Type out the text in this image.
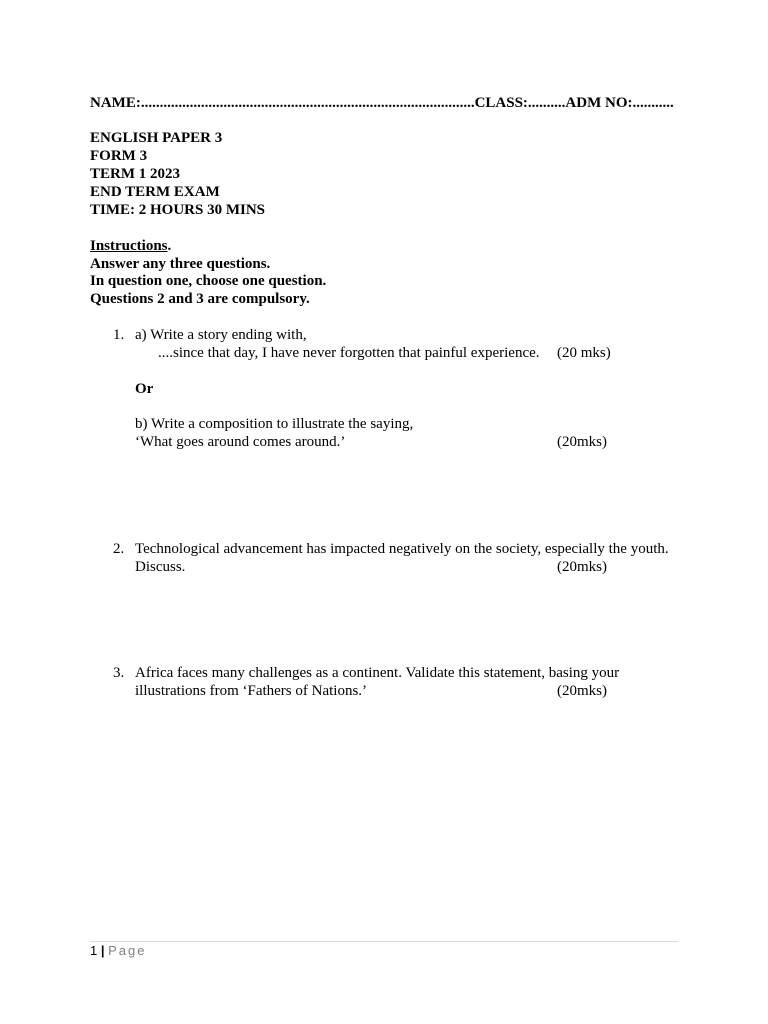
NAME:.........................................................................................CLASS:..........ADM NO:...........
ENGLISH PAPER 3
FORM 3
TERM 1 2023
END TERM EXAM
TIME: 2 HOURS 30 MINS
Instructions.
Answer any three questions.
In question one, choose one question.
Questions 2 and 3 are compulsory.
1. a) Write a story ending with,
....since that day, I have never forgotten that painful experience. (20 mks)
Or
b) Write a composition to illustrate the saying,
‘What goes around comes around.’	(20mks)
2. Technological advancement has impacted negatively on the society, especially the youth.
Discuss.	(20mks)
3. Africa faces many challenges as a continent. Validate this statement, basing your
illustrations from ‘Fathers of Nations.’	(20mks)
1 | Page
